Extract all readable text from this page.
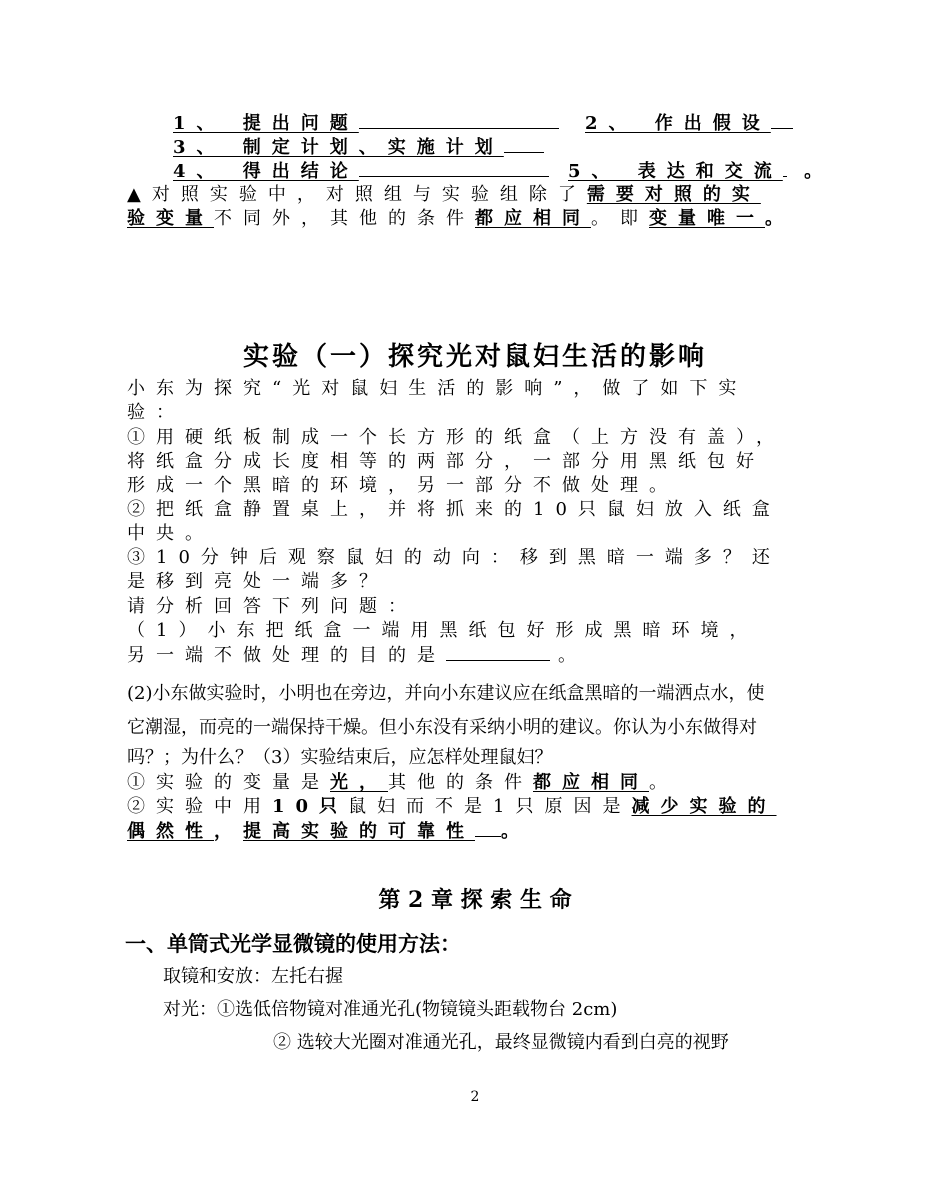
1、 提出问题	2、 作出假设
3、 制定计划、实施计划
4、 得出结论	5、 表达和交流 。
▲对照实验中，对照组与实验组除了需要对照的实
验变量不同外，其他的条件都应相同。即变量唯一。
实验（一）探究光对鼠妇生活的影响
小东为探究“光对鼠妇生活的影响”，做了如下实
验：
①用硬纸板制成一个长方形的纸盒（上方没有盖），
将纸盒分成长度相等的两部分，一部分用黑纸包好
形成一个黑暗的环境，另一部分不做处理。
②把纸盒静置桌上，并将抓来的10只鼠妇放入纸盒
中央。
③10分钟后观察鼠妇的动向：移到黑暗一端多？还
是移到亮处一端多？
请分析回答下列问题：
（1）小东把纸盒一端用黑纸包好形成黑暗环境，
另一端不做处理的目的是	。
(2)小东做实验时，小明也在旁边，并向小东建议应在纸盒黑暗的一端洒点水，使
它潮湿，而亮的一端保持干燥。但小东没有采纳小明的建议。你认为小东做得对
吗？；为什么？（3）实验结束后，应怎样处理鼠妇？
①实验的变量是光，其他的条件都应相同。
②实验中用10只鼠妇而不是1只原因是减少实验的
偶然性，提高实验的可靠性 。
第 2 章 探 索 生 命
一、单筒式光学显微镜的使用方法：
取镜和安放：左托右握
对光：①选低倍物镜对准通光孔(物镜镜头距载物台 2cm)
② 选较大光圈对准通光孔，最终显微镜内看到白亮的视野
2
